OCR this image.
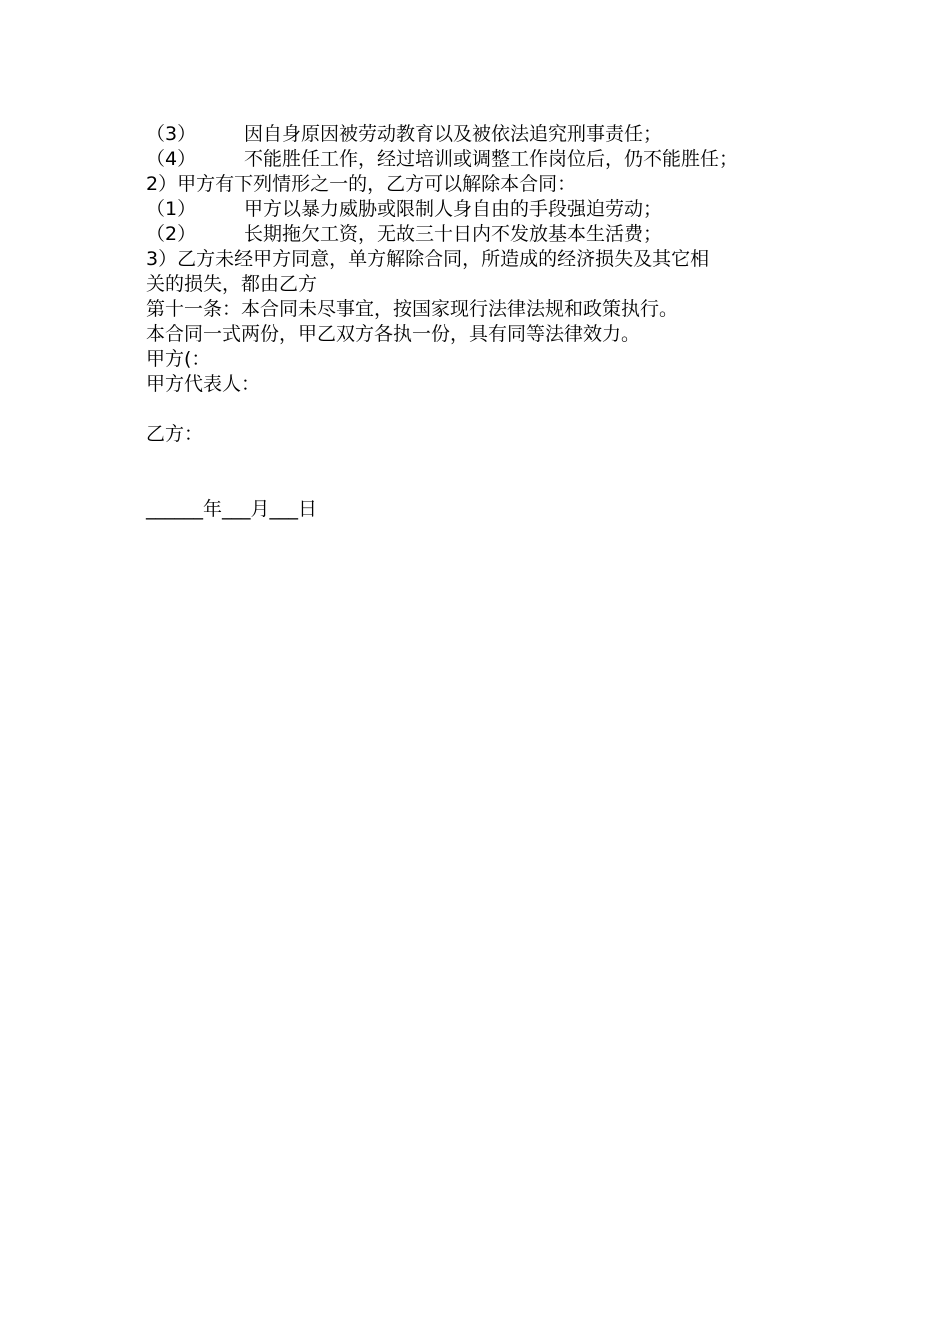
（3）	因自身原因被劳动教育以及被依法追究刑事责任；
（4）	不能胜任工作，经过培训或调整工作岗位后，仍不能胜任；
2）甲方有下列情形之一的，乙方可以解除本合同：
（1）	甲方以暴力威胁或限制人身自由的手段强迫劳动；
（2）	长期拖欠工资，无故三十日内不发放基本生活费；
3）乙方未经甲方同意，单方解除合同，所造成的经济损失及其它相
关的损失，都由乙方
第十一条：本合同未尽事宜，按国家现行法律法规和政策执行。
本合同一式两份，甲乙双方各执一份，具有同等法律效力。
甲方(：
甲方代表人：
乙方：
______年___月___日
